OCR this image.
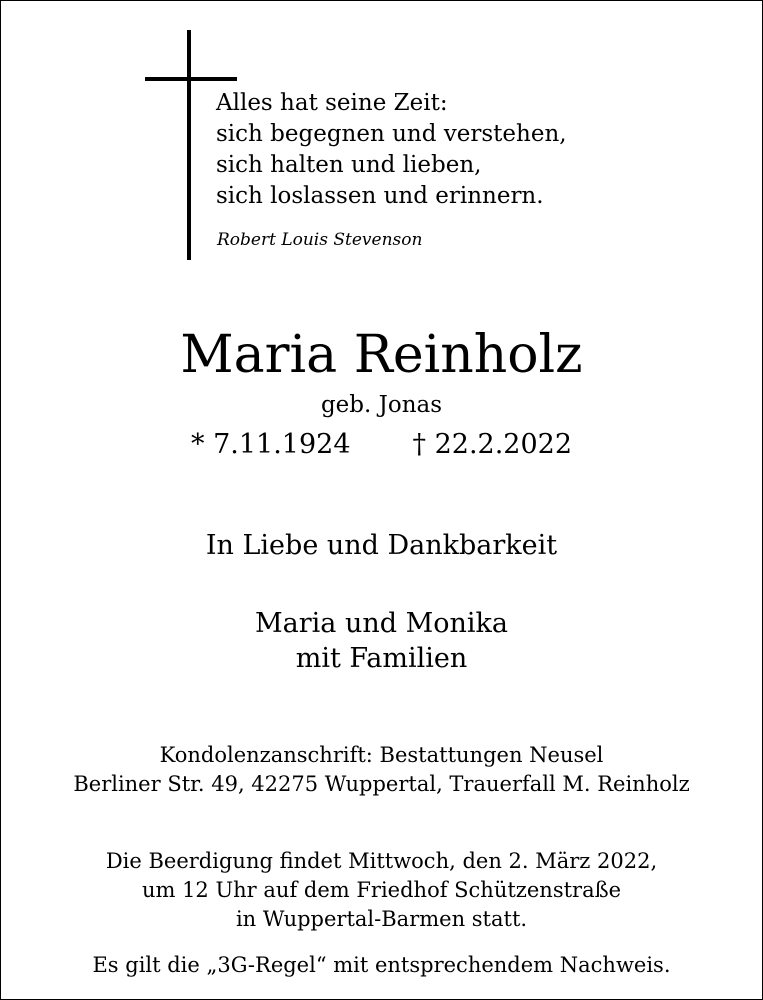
Alles hat seine Zeit:
sich begegnen und verstehen,
sich halten und lieben,
sich loslassen und erinnern.
Robert Louis Stevenson
Maria Reinholz
geb. Jonas
* 7.11.1924 † 22.2.2022
In Liebe und Dankbarkeit
Maria und Monika
mit Familien
Kondolenzanschrift: Bestattungen Neusel
Berliner Str. 49, 42275 Wuppertal, Trauerfall M. Reinholz
Die Beerdigung findet Mittwoch, den 2. März 2022,
um 12 Uhr auf dem Friedhof Schützenstraße
in Wuppertal-Barmen statt.
Es gilt die „3G-Regel“ mit entsprechendem Nachweis.
